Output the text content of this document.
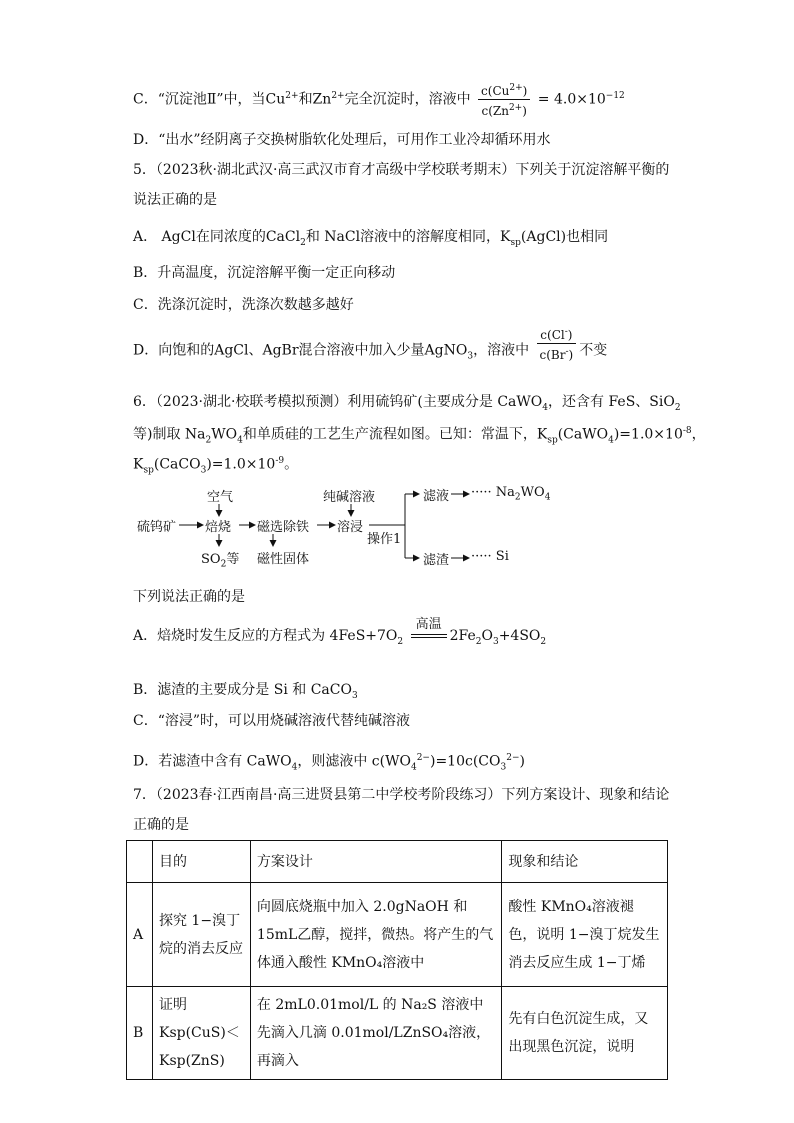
C．“沉淀池Ⅱ”中，当$Cu^{2+}$和$Zn^{2+}$完全沉淀时，溶液中 $\frac{c(Cu^{2+})}{c(Zn^{2+})} = 4.0\times 10^{-12}$
D．“出水”经阴离子交换树脂软化处理后，可用作工业冷却循环用水
5．（2023秋·湖北武汉·高三武汉市育才高级中学校联考期末）下列关于沉淀溶解平衡的
说法正确的是
A． AgCl在同浓度的CaCl$_2$和 NaCl溶液中的溶解度相同，$K_{sp}(AgCl)$也相同
B．升高温度，沉淀溶解平衡一定正向移动
C．洗涤沉淀时，洗涤次数越多越好
D．向饱和的AgCl、AgBr混合溶液中加入少量AgNO$_3$，溶液中 $\frac{c(Cl^-)}{c(Br^-)}$ 不变
6．（2023·湖北·校联考模拟预测）利用硫钨矿(主要成分是 CaWO$_4$，还含有 FeS、SiO$_2$
等)制取 $Na_2WO_4$和单质硅的工艺生产流程如图。已知：常温下，$K_{sp}(CaWO_4)=1.0\times 10^{-8}$，
$K_{sp}(CaCO_3)=1.0\times 10^{-9}$。
硫钨矿
空气
焙烧
$SO_2$等
磁选除铁
磁性固体
纯碱溶液
溶浸
操作1
滤液 ····· $Na_2WO_4$
滤渣 ····· Si
下列说法正确的是
A．焙烧时发生反应的方程式为 $4FeS+7O_2$
高温
$2Fe_2O_3+4SO_2$
B．滤渣的主要成分是 Si 和 CaCO$_3$
C．“溶浸”时，可以用烧碱溶液代替纯碱溶液
D．若滤渣中含有 CaWO$_4$，则滤液中 $c(WO_4^{2-})=10c(CO_3^{2-})$
7．（2023春·江西南昌·高三进贤县第二中学校考阶段练习）下列方案设计、现象和结论
正确的是
	目的	方案设计	现象和结论
A	探究 1−溴丁烷的消去反应	向圆底烧瓶中加入 2.0gNaOH 和 15mL乙醇，搅拌，微热。将产生的气体通入酸性 KMnO₄溶液中	酸性 KMnO₄溶液褪色，说明 1−溴丁烷发生消去反应生成 1−丁烯
B	证明 Ksp(CuS)＜Ksp(ZnS)	在 2mL0.01mol/L 的 Na₂S 溶液中先滴入几滴 0.01mol/LZnSO₄溶液，再滴入	先有白色沉淀生成，又出现黑色沉淀，说明
